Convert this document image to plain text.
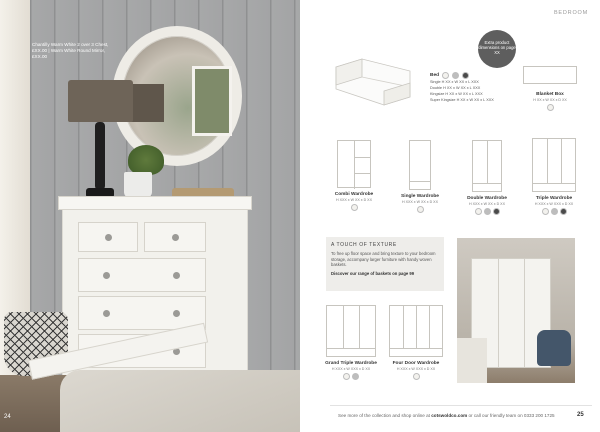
Chantilly Warm White 2 over 3 Chest, £XX.00 | Warm White Round Mirror, £XX.00
24
BEDROOM
Extra product dimensions on page XX
Bed
Single H XX x W XX x L XXX
Double H XX x W XX x L XXX
Kingsize H XX x W XX x L XXX
Super Kingsize H XX x W XX x L XXX
Blanket Box
H XX x W XX x D XX
Combi Wardrobe
H XXX x W XX x D XX
Single Wardrobe
H XXX x W XX x D XX
Double Wardrobe
H XXX x W XX x D XX
Triple Wardrobe
H XXX x W XXX x D XX
A TOUCH OF TEXTURE
To free up floor space and bring texture to your bedroom storage, accompany larger furniture with handy woven baskets.
Discover our range of baskets on page 99
Grand Triple Wardrobe
H XXX x W XXX x D XX
Four Door Wardrobe
H XXX x W XXX x D XX
See more of the collection and shop online at cotswoldco.com or call our friendly team on 0333 200 1725	25
